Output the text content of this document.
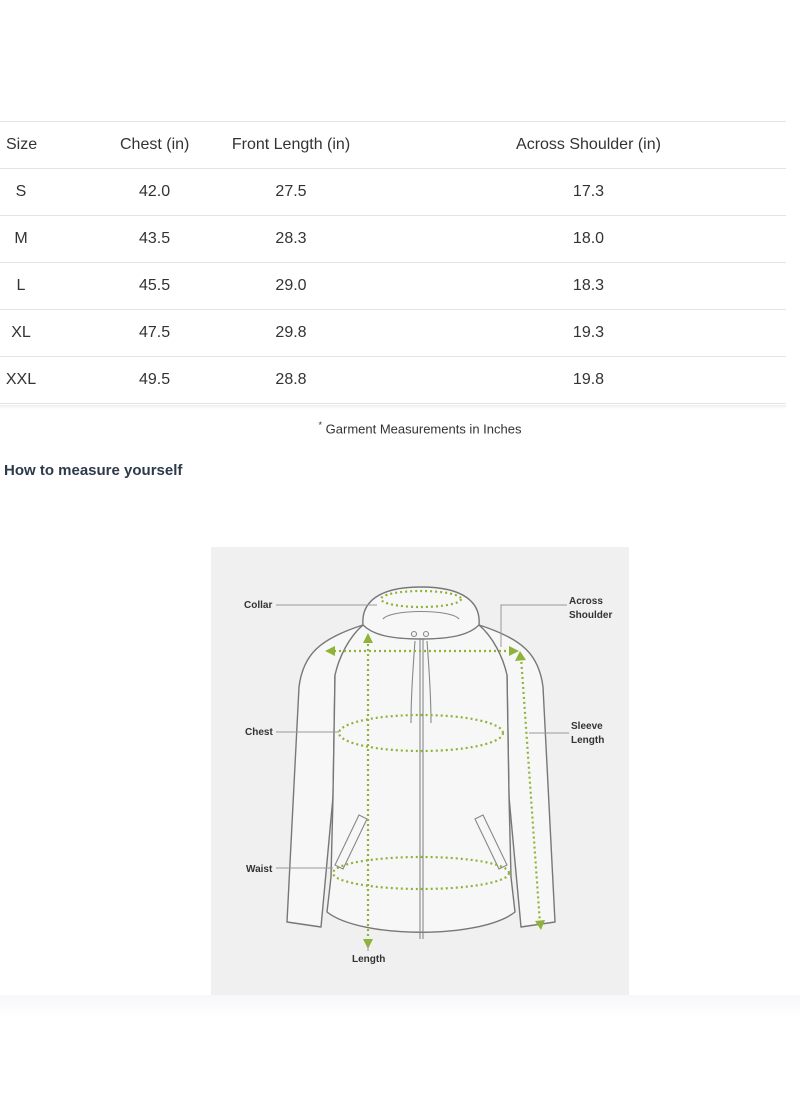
Size	Chest (in)	Front Length (in)	Across Shoulder (in)
S	42.0	27.5	17.3
M	43.5	28.3	18.0
L	45.5	29.0	18.3
XL	47.5	29.8	19.3
XXL	49.5	28.8	19.8
* Garment Measurements in Inches
How to measure yourself
Collar	Across
Shoulder
Chest
Sleeve
Length
Waist
Length
